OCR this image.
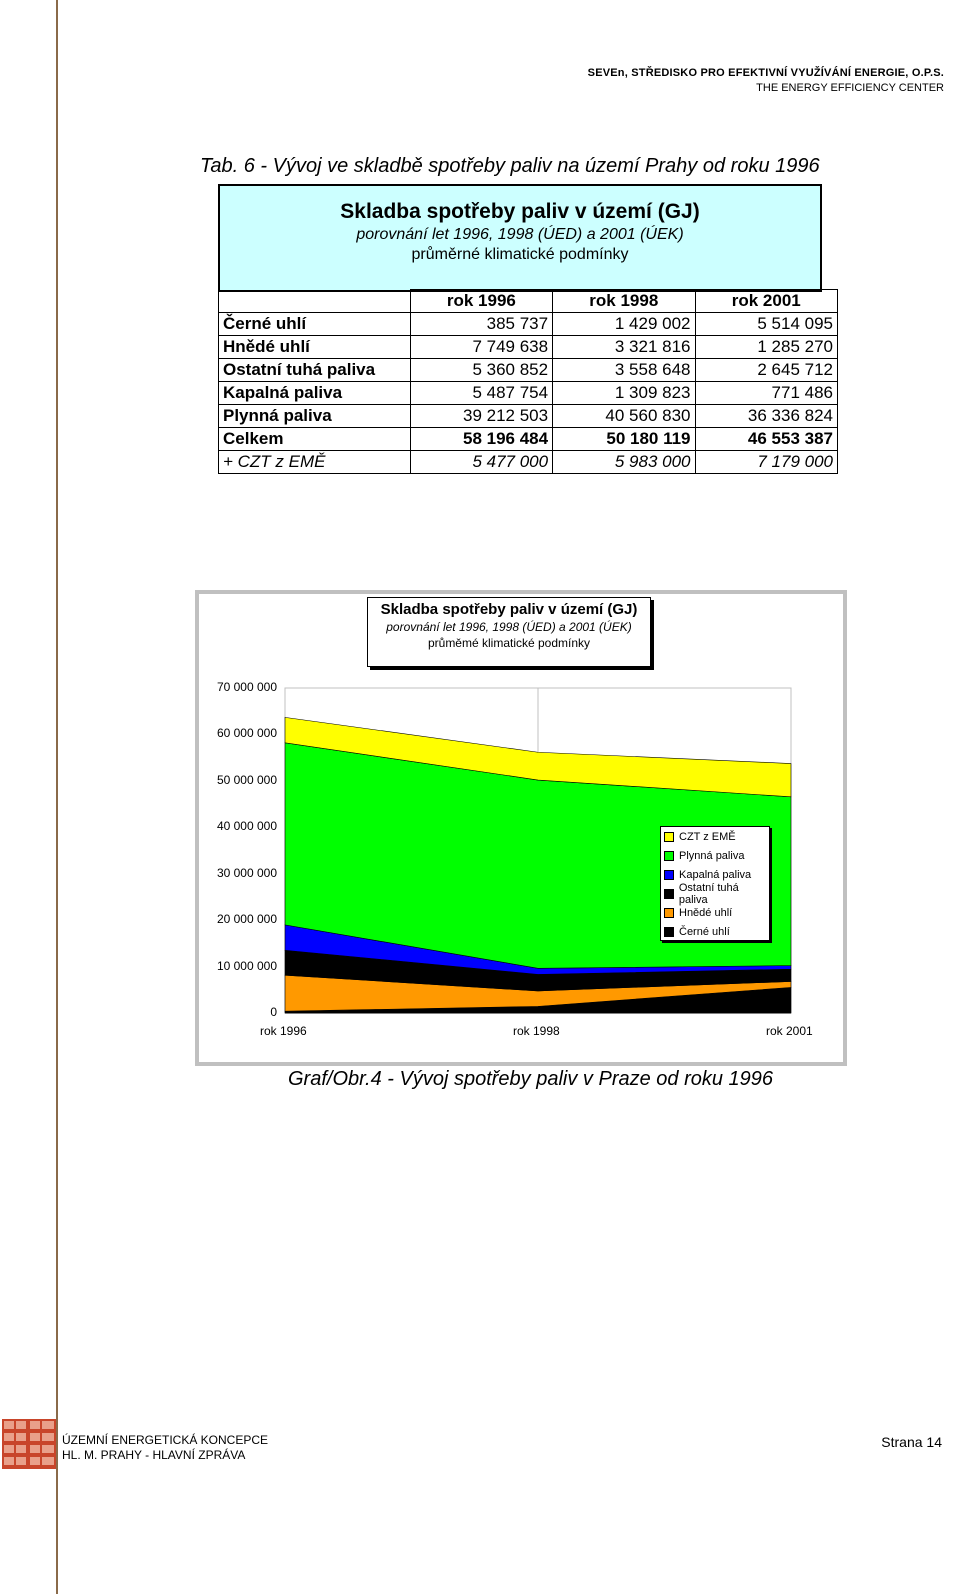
SEVEn, STŘEDISKO PRO EFEKTIVNÍ VYUŽÍVÁNÍ ENERGIE, O.P.S.
THE ENERGY EFFICIENCY CENTER
Tab. 6 - Vývoj ve skladbě spotřeby paliv na území Prahy od roku 1996
Skladba spotřeby paliv v území (GJ)
porovnání let 1996, 1998 (ÚED) a 2001 (ÚEK)
průměrné klimatické podmínky
	rok 1996	rok 1998	rok 2001
Černé uhlí	385 737	1 429 002	5 514 095
Hnědé uhlí	7 749 638	3 321 816	1 285 270
Ostatní tuhá paliva	5 360 852	3 558 648	2 645 712
Kapalná paliva	5 487 754	1 309 823	771 486
Plynná paliva	39 212 503	40 560 830	36 336 824
Celkem	58 196 484	50 180 119	46 553 387
+ CZT z EMĚ	5 477 000	5 983 000	7 179 000
Skladba spotřeby paliv v území (GJ)
porovnání let 1996, 1998 (ÚED) a 2001 (ÚEK)
průměmé klimatické podmínky
0
10 000 000
20 000 000
30 000 000
40 000 000
50 000 000
60 000 000
70 000 000
rok 1996	rok 1998	rok 2001
CZT z EMĚ
Plynná paliva
Kapalná paliva
Ostatní tuhá paliva
Hnědé uhlí
Černé uhlí
Graf/Obr.4 - Vývoj spotřeby paliv v Praze od roku 1996
ÚZEMNÍ ENERGETICKÁ KONCEPCE
HL. M. PRAHY - HLAVNÍ ZPRÁVA
Strana 14
